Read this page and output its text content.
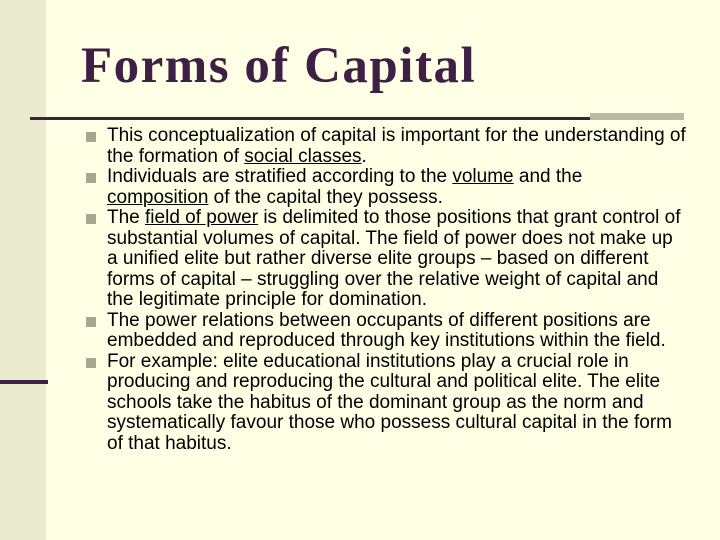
Forms of Capital
This conceptualization of capital is important for the understanding of the formation of social classes.
Individuals are stratified according to the volume and the composition of the capital they possess.
The field of power is delimited to those positions that grant control of substantial volumes of capital. The field of power does not make up a unified elite but rather diverse elite groups – based on different forms of capital – struggling over the relative weight of capital and the legitimate principle for domination.
The power relations between occupants of different positions are embedded and reproduced through key institutions within the field.
For example: elite educational institutions play a crucial role in producing and reproducing the cultural and political elite. The elite schools take the habitus of the dominant group as the norm and systematically favour those who possess cultural capital in the form of that habitus.
